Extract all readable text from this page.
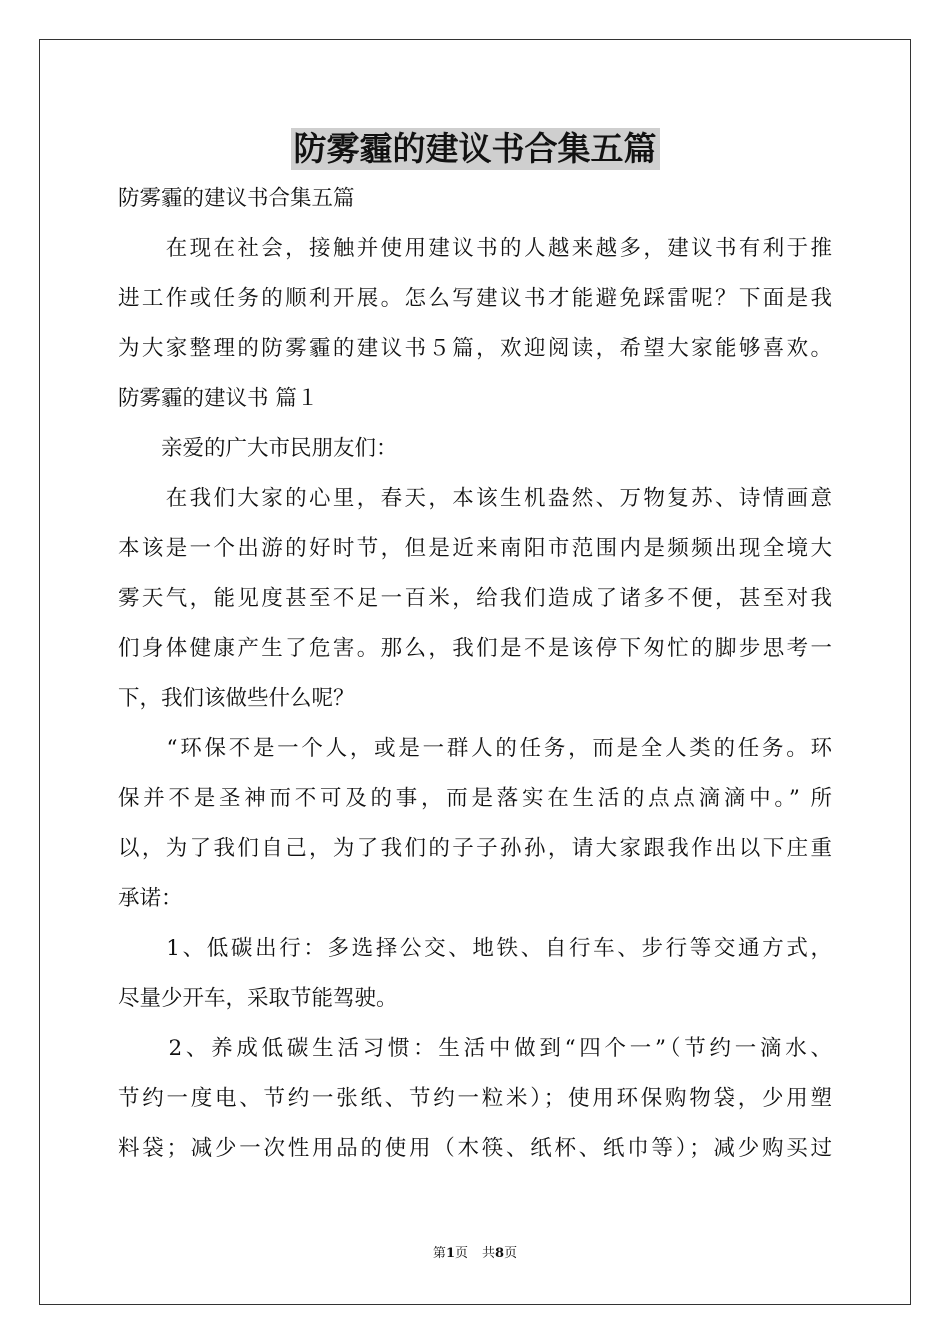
防雾霾的建议书合集五篇
防雾霾的建议书合集五篇
　　在现在社会，接触并使用建议书的人越来越多，建议书有利于推
进工作或任务的顺利开展。怎么写建议书才能避免踩雷呢？下面是我
为大家整理的防雾霾的建议书５篇，欢迎阅读，希望大家能够喜欢。
防雾霾的建议书 篇１
　　亲爱的广大市民朋友们：
　　在我们大家的心里，春天，本该生机盎然、万物复苏、诗情画意
本该是一个出游的好时节，但是近来南阳市范围内是频频出现全境大
雾天气，能见度甚至不足一百米，给我们造成了诸多不便，甚至对我
们身体健康产生了危害。那么，我们是不是该停下匆忙的脚步思考一
下，我们该做些什么呢？
　　“环保不是一个人，或是一群人的任务，而是全人类的任务。环
保并不是圣神而不可及的事，而是落实在生活的点点滴滴中。” 所
以，为了我们自己，为了我们的子子孙孙，请大家跟我作出以下庄重
承诺：
　　1、低碳出行：多选择公交、地铁、自行车、步行等交通方式，
尽量少开车，采取节能驾驶。
　　2、养成低碳生活习惯：生活中做到“四个一”（节约一滴水、
节约一度电、节约一张纸、节约一粒米）；使用环保购物袋，少用塑
料袋；减少一次性用品的使用（木筷、纸杯、纸巾等）；减少购买过
第1页 共8页
